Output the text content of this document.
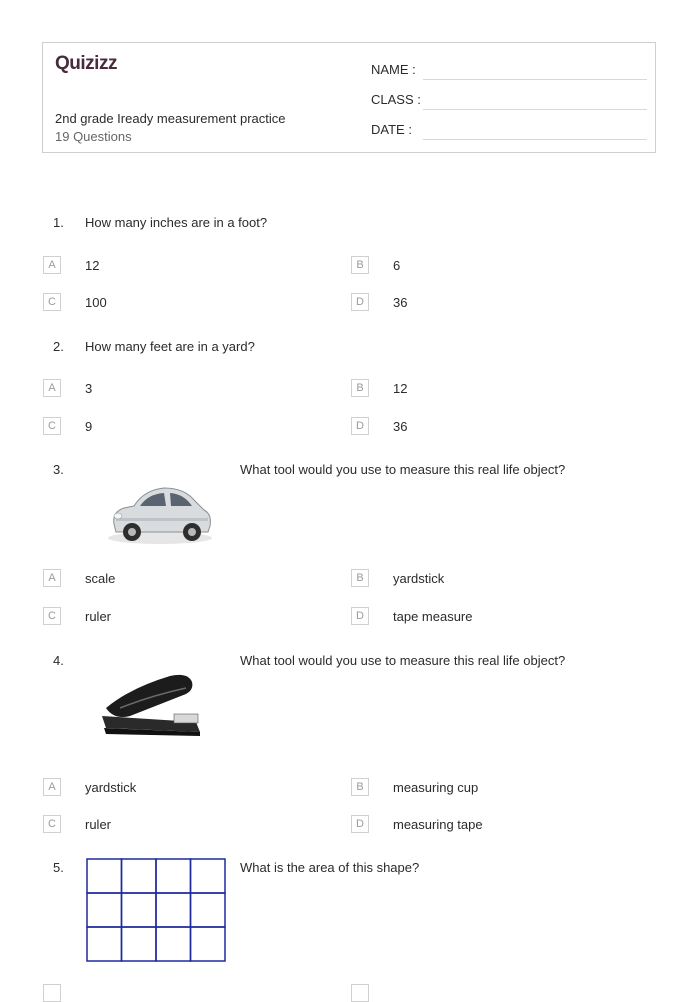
Quizizz
2nd grade Iready measurement practice
19 Questions
NAME :
CLASS :
DATE :
1. How many inches are in a foot?
A	12	B	6
C	100	D	36
2. How many feet are in a yard?
A	3	B	12
C	9	D	36
3.	What tool would you use to measure this real life object?
A	scale	B	yardstick
C	ruler	D	tape measure
4.	What tool would you use to measure this real life object?
A	yardstick	B	measuring cup
C	ruler	D	measuring tape
5.	What is the area of this shape?
